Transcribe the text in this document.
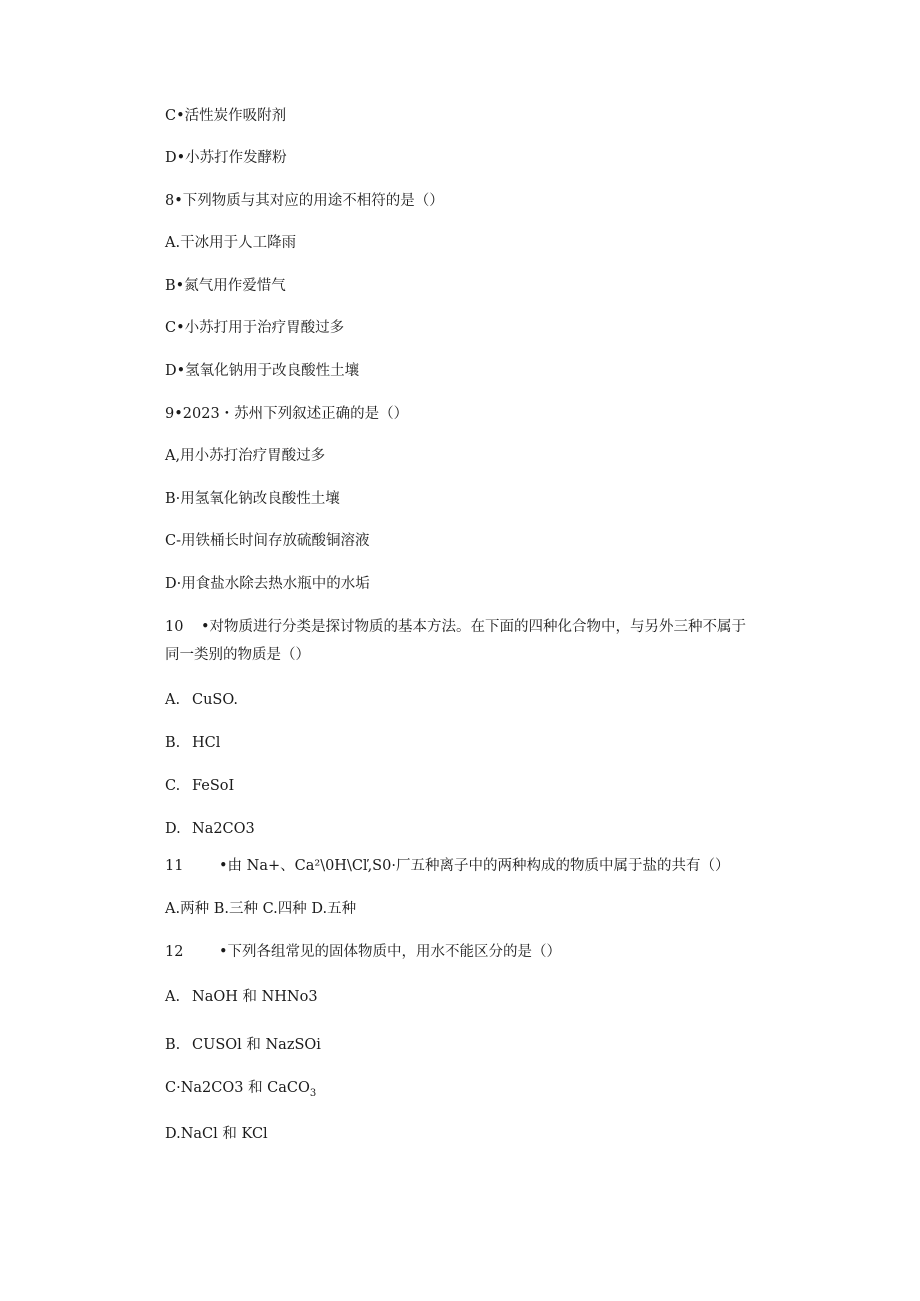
C•活性炭作吸附剂
D•小苏打作发酵粉
8•下列物质与其对应的用途不相符的是（）
A.干冰用于人工降雨
B•氮气用作爱惜气
C•小苏打用于治疗胃酸过多
D•氢氧化钠用于改良酸性土壤
9•2023・苏州下列叙述正确的是（）
A,用小苏打治疗胃酸过多
B·用氢氧化钠改良酸性土壤
C-用铁桶长时间存放硫酸铜溶液
D·用食盐水除去热水瓶中的水垢
10 •对物质进行分类是探讨物质的基本方法。在下面的四种化合物中，与另外三种不属于
同一类别的物质是（）
A. CuSO.
B. HCl
C. FeSoI
D. Na2CO3
11 •由 Na+、Ca²\0H\Cľ,S0·厂五种离子中的两种构成的物质中属于盐的共有（）
A.两种 B.三种 C.四种 D.五种
12 •下列各组常见的固体物质中，用水不能区分的是（）
A. NaOH 和 NHNo3
B. CUSOl 和 NazSOi
C·Na2CO3 和 CaCO$_3$
D.NaCl 和 KCl
